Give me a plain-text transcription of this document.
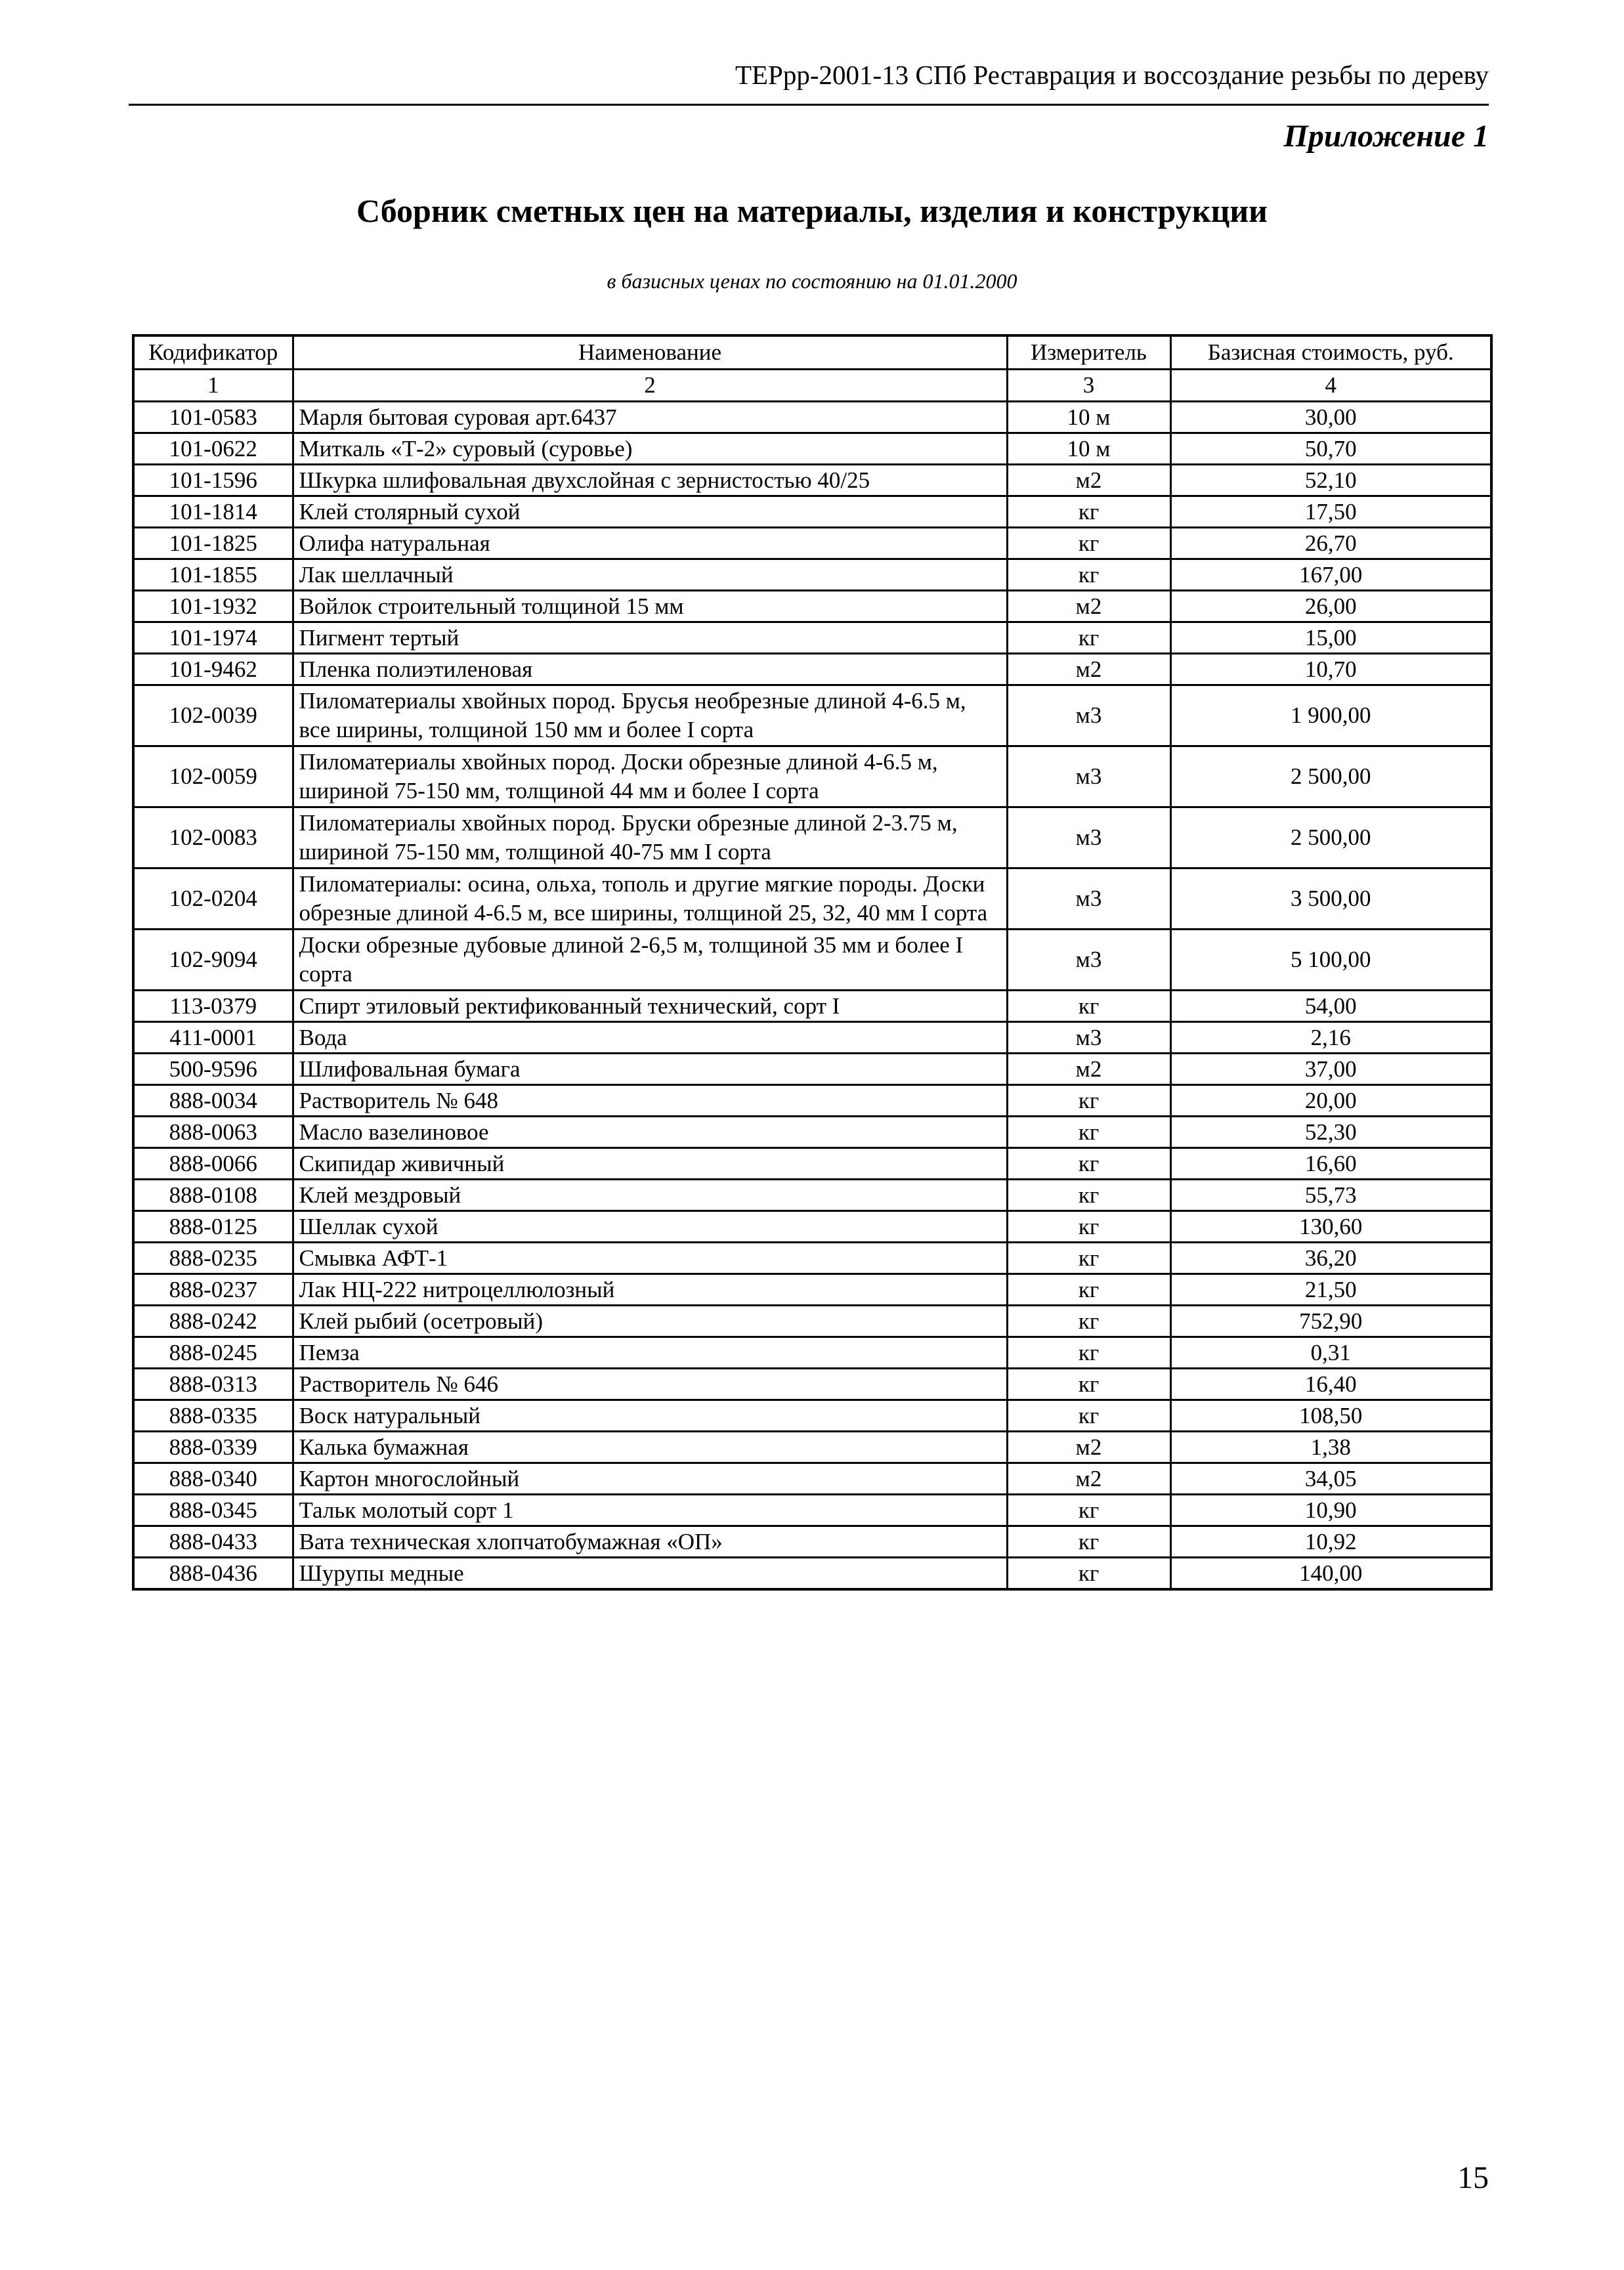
ТЕРрр-2001-13 СПб Реставрация и воссоздание резьбы по дереву
Приложение 1
Сборник сметных цен на материалы, изделия и конструкции
в базисных ценах по состоянию на 01.01.2000
Кодификатор	Наименование	Измеритель	Базисная стоимость, руб.
1	2	3	4
101-0583	Марля бытовая суровая арт.6437	10 м	30,00
101-0622	Миткаль «Т-2» суровый (суровье)	10 м	50,70
101-1596	Шкурка шлифовальная двухслойная с зернистостью 40/25	м2	52,10
101-1814	Клей столярный сухой	кг	17,50
101-1825	Олифа натуральная	кг	26,70
101-1855	Лак шеллачный	кг	167,00
101-1932	Войлок строительный толщиной 15 мм	м2	26,00
101-1974	Пигмент тертый	кг	15,00
101-9462	Пленка полиэтиленовая	м2	10,70
102-0039	Пиломатериалы хвойных пород. Брусья необрезные длиной 4-6.5 м, все ширины, толщиной 150 мм и более I сорта	м3	1 900,00
102-0059	Пиломатериалы хвойных пород. Доски обрезные длиной 4-6.5 м, шириной 75-150 мм, толщиной 44 мм и более I сорта	м3	2 500,00
102-0083	Пиломатериалы хвойных пород. Бруски обрезные длиной 2-3.75 м, шириной 75-150 мм, толщиной 40-75 мм I сорта	м3	2 500,00
102-0204	Пиломатериалы: осина, ольха, тополь и другие мягкие породы. Доски обрезные длиной 4-6.5 м, все ширины, толщиной 25, 32, 40 мм I сорта	м3	3 500,00
102-9094	Доски обрезные дубовые длиной 2-6,5 м, толщиной 35 мм и более I сорта	м3	5 100,00
113-0379	Спирт этиловый ректификованный технический, сорт I	кг	54,00
411-0001	Вода	м3	2,16
500-9596	Шлифовальная бумага	м2	37,00
888-0034	Растворитель № 648	кг	20,00
888-0063	Масло вазелиновое	кг	52,30
888-0066	Скипидар живичный	кг	16,60
888-0108	Клей мездровый	кг	55,73
888-0125	Шеллак сухой	кг	130,60
888-0235	Смывка АФТ-1	кг	36,20
888-0237	Лак НЦ-222 нитроцеллюлозный	кг	21,50
888-0242	Клей рыбий (осетровый)	кг	752,90
888-0245	Пемза	кг	0,31
888-0313	Растворитель № 646	кг	16,40
888-0335	Воск натуральный	кг	108,50
888-0339	Калька бумажная	м2	1,38
888-0340	Картон многослойный	м2	34,05
888-0345	Тальк молотый сорт 1	кг	10,90
888-0433	Вата техническая хлопчатобумажная «ОП»	кг	10,92
888-0436	Шурупы медные	кг	140,00
15
